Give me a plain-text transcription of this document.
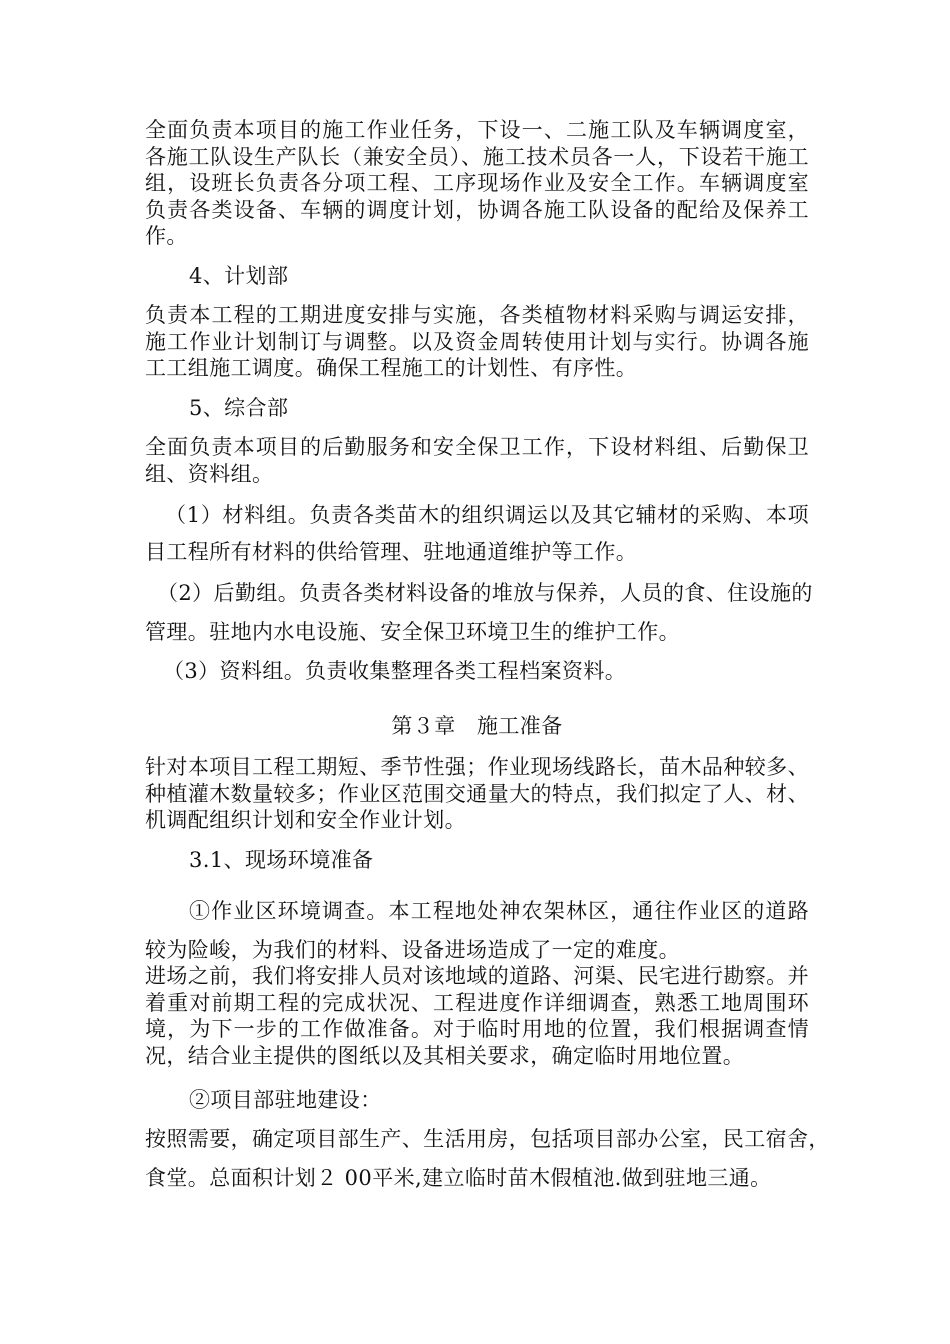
第３章　施工准备
全面负责本项目的施工作业任务，下设一、二施工队及车辆调度室，
各施工队设生产队长（兼安全员）、施工技术员各一人，下设若干施工
组，设班长负责各分项工程、工序现场作业及安全工作。车辆调度室
负责各类设备、车辆的调度计划，协调各施工队设备的配给及保养工
作。
4、计划部
负责本工程的工期进度安排与实施，各类植物材料采购与调运安排，
施工作业计划制订与调整。以及资金周转使用计划与实行。协调各施
工工组施工调度。确保工程施工的计划性、有序性。
5、综合部
全面负责本项目的后勤服务和安全保卫工作，下设材料组、后勤保卫
组、资料组。
（1）材料组。负责各类苗木的组织调运以及其它辅材的采购、本项
目工程所有材料的供给管理、驻地通道维护等工作。
（2）后勤组。负责各类材料设备的堆放与保养，人员的食、住设施的
管理。驻地内水电设施、安全保卫环境卫生的维护工作。
（3）资料组。负责收集整理各类工程档案资料。
针对本项目工程工期短、季节性强；作业现场线路长，苗木品种较多、
种植灌木数量较多；作业区范围交通量大的特点，我们拟定了人、材、
机调配组织计划和安全作业计划。
3.1、现场环境准备
①作业区环境调查。本工程地处神农架林区，通往作业区的道路
较为险峻，为我们的材料、设备进场造成了一定的难度。
进场之前，我们将安排人员对该地域的道路、河渠、民宅进行勘察。并
着重对前期工程的完成状况、工程进度作详细调查，熟悉工地周围环
境，为下一步的工作做准备。对于临时用地的位置，我们根据调查情
况，结合业主提供的图纸以及其相关要求，确定临时用地位置。
②项目部驻地建设：
按照需要，确定项目部生产、生活用房，包括项目部办公室，民工宿舍，
食堂。总面积计划２ 00平米,建立临时苗木假植池.做到驻地三通。
